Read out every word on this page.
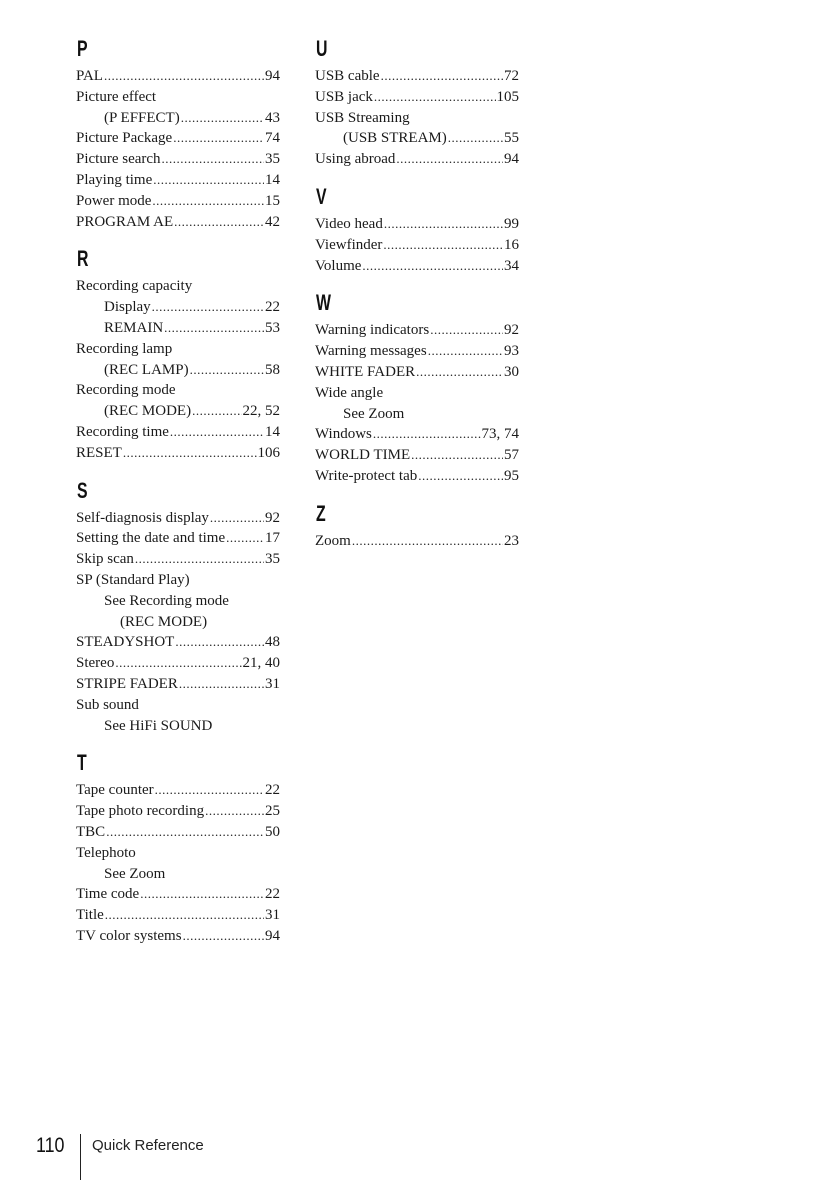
P
PAL .....	94
Picture effect
(P EFFECT) .....	43
Picture Package .....	74
Picture search .....	35
Playing time .....	14
Power mode .....	15
PROGRAM AE .....	42
R
Recording capacity
Display .....	22
REMAIN .....	53
Recording lamp
(REC LAMP) .....	58
Recording mode
(REC MODE) .....	22, 52
Recording time .....	14
RESET .....	106
S
Self-diagnosis display .....	92
Setting the date and time .....	17
Skip scan .....	35
SP (Standard Play)
See Recording mode
(REC MODE)
STEADYSHOT .....	48
Stereo .....	21, 40
STRIPE FADER .....	31
Sub sound
See HiFi SOUND
T
Tape counter .....	22
Tape photo recording .....	25
TBC .....	50
Telephoto
See Zoom
Time code .....	22
Title .....	31
TV color systems .....	94
U
USB cable .....	72
USB jack .....	105
USB Streaming
(USB STREAM) .....	55
Using abroad .....	94
V
Video head .....	99
Viewfinder .....	16
Volume .....	34
W
Warning indicators .....	92
Warning messages .....	93
WHITE FADER .....	30
Wide angle
See Zoom
Windows .....	73, 74
WORLD TIME .....	57
Write-protect tab .....	95
Z
Zoom .....	23
110 Quick Reference
